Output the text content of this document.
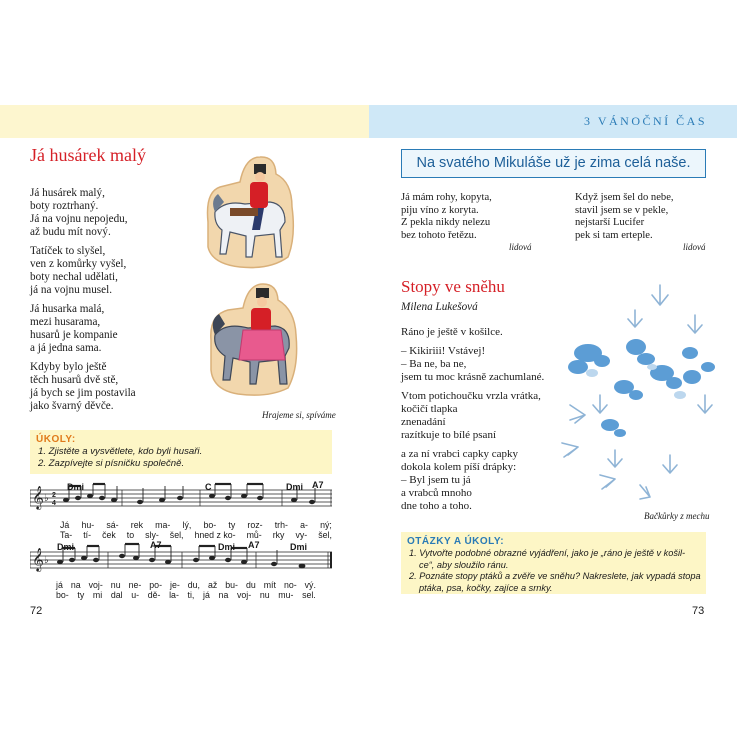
3 VÁNOČNÍ ČAS
Já husárek malý
Já husárek malý,
boty roztrhaný.
Já na vojnu nepojedu,
až budu mít nový.
Tatíček to slyšel,
ven z komůrky vyšel,
boty nechal udělati,
já na vojnu musel.
Já husarka malá,
mezi husarama,
husarů je kompanie
a já jedna sama.
Kdyby bylo ještě
těch husarů dvě stě,
já bych se jim postavila
jako švarný děvče.
Hrajeme si, spíváme
ÚKOLY:
1. Zjistěte a vysvětlete, kdo byli husaři.
2. Zazpívejte si písničku společně.
𝄞 ♭ 2
4
Dmi	C	Dmi A7
Já hu- sá- rek ma- lý, bo- ty roz- trh- a- ný;
Ta- tí- ček to sly- šel, hned z ko- mů- rky vy- šel,
𝄞 ♭
Dmi	A7	Dmi A7	Dmi
já na voj- nu ne- po- je- du, až bu- du mít no- vý.
bo- ty mi dal u- dě- la- ti, já na voj- nu mu- sel.
72
Na svatého Mikuláše už je zima celá naše.
Já mám rohy, kopyta,
piju víno z koryta.
Z pekla nikdy nelezu
bez tohoto řetězu.
lidová
Když jsem šel do nebe,
stavil jsem se v pekle,
nejstarší Lucifer
pek si tam erteple.
lidová
Stopy ve sněhu
Milena Lukešová
Ráno je ještě v košilce.
– Kikiriii! Vstávej!
– Ba ne, ba ne,
jsem tu moc krásně zachumlané.
Vtom potichoučku vrzla vrátka,
kočičí tlapka
znenadání
razítkuje to bílé psaní
a za ní vrabci capky capky
dokola kolem píší drápky:
– Byl jsem tu já
a vrabců mnoho
dne toho a toho.
Bačkůrky z mechu
OTÁZKY A ÚKOLY:
1. Vytvořte podobné obrazné vyjádření, jako je „ráno je ještě v košil-
ce“, aby sloužilo ránu.
2. Poznáte stopy ptáků a zvěře ve sněhu? Nakreslete, jak vypadá stopa
ptáka, psa, kočky, zajíce a srnky.
73
